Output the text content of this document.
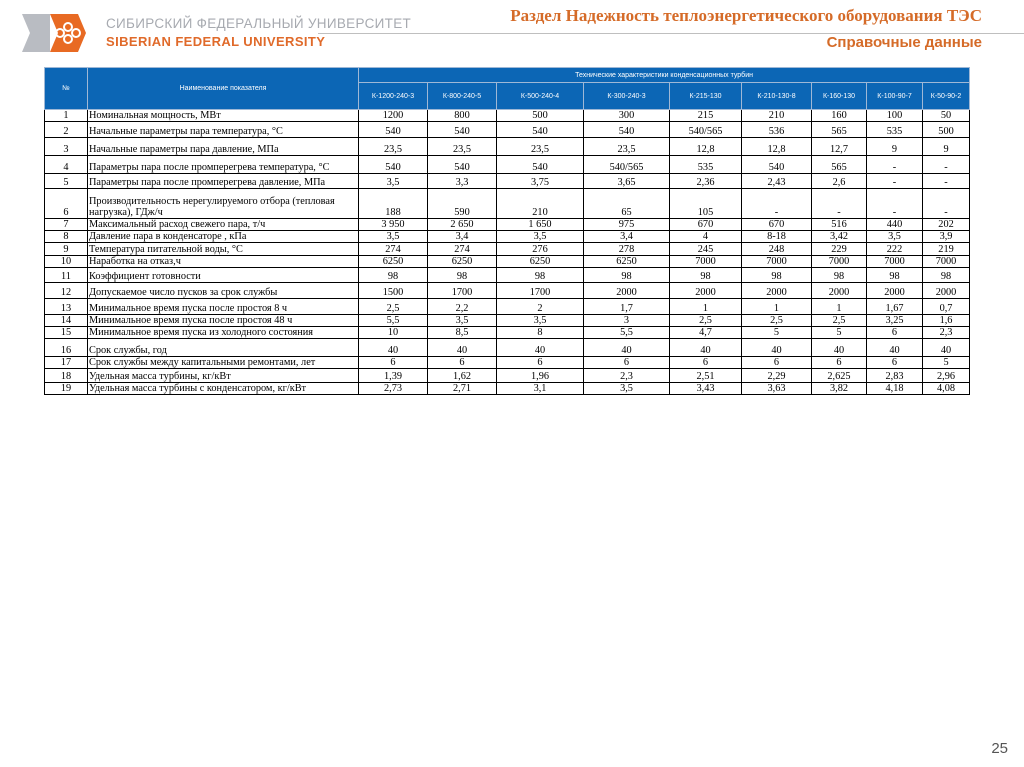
СИБИРСКИЙ ФЕДЕРАЛЬНЫЙ УНИВЕРСИТЕТ
SIBERIAN FEDERAL UNIVERSITY
Раздел Надежность теплоэнергетического оборудования ТЭС
Справочные данные
№	Наименование показателя	Технические характеристики конденсационных турбин								
		К-1200-240-3	К-800-240-5	К-500-240-4	К-300-240-3	К-215-130	К-210-130-8	К-160-130	К-100-90-7	К-50-90-2
1	Номинальная мощность, МВт	1200	800	500	300	215	210	160	100	50
2	Начальные параметры пара температура, °С	540	540	540	540	540/565	536	565	535	500
3	Начальные параметры пара давление, МПа	23,5	23,5	23,5	23,5	12,8	12,8	12,7	9	9
4	Параметры пара после промперегрева температура, °С	540	540	540	540/565	535	540	565	-	-
5	Параметры пара после промперегрева давление, МПа	3,5	3,3	3,75	3,65	2,36	2,43	2,6	-	-
6	Производительность нерегулируемого отбора (тепловая нагрузка), ГДж/ч	188	590	210	65	105	-	-	-	-
7	Максимальный расход свежего пара, т/ч	3 950	2 650	1 650	975	670	670	516	440	202
8	Давление пара в конденсаторе , кПа	3,5	3,4	3,5	3,4	4	8-18	3,42	3,5	3,9
9	Температура питательной воды, °С	274	274	276	278	245	248	229	222	219
10	Наработка на отказ,ч	6250	6250	6250	6250	7000	7000	7000	7000	7000
11	Коэффициент готовности	98	98	98	98	98	98	98	98	98
12	Допускаемое число пусков за срок службы	1500	1700	1700	2000	2000	2000	2000	2000	2000
13	Минимальное время пуска после простоя 8 ч	2,5	2,2	2	1,7	1	1	1	1,67	0,7
14	Минимальное время пуска после простоя 48 ч	5,5	3,5	3,5	3	2,5	2,5	2,5	3,25	1,6
15	Минимальное время пуска из холодного состояния	10	8,5	8	5,5	4,7	5	5	6	2,3
16	Срок службы, год	40	40	40	40	40	40	40	40	40
17	Срок службы между капитальными ремонтами, лет	6	6	6	6	6	6	6	6	5
18	Удельная масса турбины, кг/кВт	1,39	1,62	1,96	2,3	2,51	2,29	2,625	2,83	2,96
19	Удельная масса турбины с конденсатором, кг/кВт	2,73	2,71	3,1	3,5	3,43	3,63	3,82	4,18	4,08
25
